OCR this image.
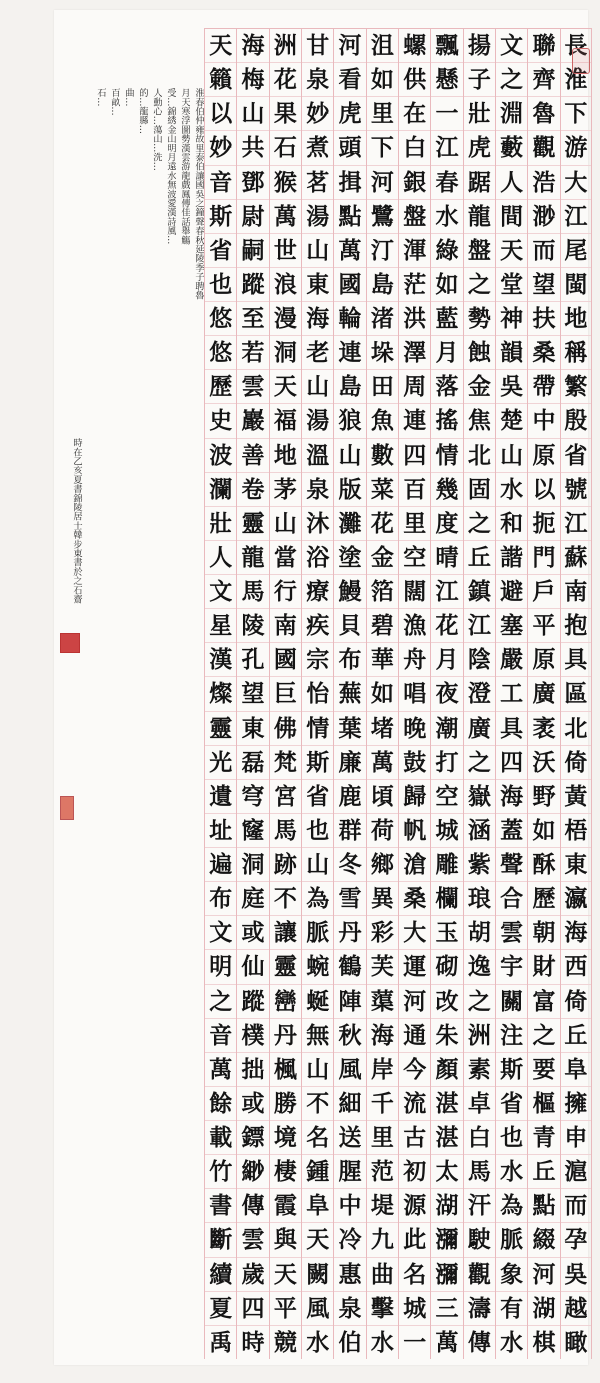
長
淮
下
游
大
江
尾
閩
地
稱
繁
殷
省
號
江
蘇
南
抱
具
區
北
倚
黃
梧
東
瀛
海
西
倚
丘
阜
擁
申
滬
而
孕
吳
越
瞰
聯
齊
魯
觀
浩
渺
而
望
扶
桑
帶
中
原
以
扼
門
戶
平
原
廣
袤
沃
野
如
酥
歷
朝
財
富
之
要
樞
青
丘
點
綴
河
湖
棋
文
之
淵
藪
人
間
天
堂
神
韻
吳
楚
山
水
和
諧
避
塞
嚴
工
具
四
海
蓋
聲
合
雲
宇
關
注
斯
省
也
水
為
脈
象
有
水
揚
子
壯
虎
踞
龍
盤
之
勢
蝕
金
焦
北
固
之
丘
鎮
江
陰
澄
廣
之
嶽
涵
紫
琅
胡
逸
之
洲
素
卓
白
馬
汗
駛
觀
濤
傳
飄
懸
一
江
春
水
綠
如
藍
月
落
搖
情
幾
度
晴
江
花
月
夜
潮
打
空
城
雕
欄
玉
砌
改
朱
顏
湛
湛
太
湖
瀰
瀰
三
萬
螺
供
在
白
銀
盤
渾
茫
洪
澤
周
連
四
百
里
空
闊
漁
舟
唱
晚
鼓
歸
帆
滄
桑
大
運
河
通
今
流
古
初
源
此
名
城
一
沮
如
里
下
河
鷺
汀
島
渚
垛
田
魚
數
菜
花
金
箔
碧
華
如
堵
萬
頃
荷
鄉
異
彩
芙
蕖
海
岸
千
里
范
堤
九
曲
擊
水
河
看
虎
頭
揖
點
萬
國
輪
連
島
狼
山
版
灘
塗
鰻
貝
布
蕪
葉
廉
鹿
群
冬
雪
丹
鶴
陣
秋
風
細
送
腥
中
冷
惠
泉
伯
甘
泉
妙
煮
茗
湯
山
東
海
老
山
湯
溫
泉
沐
浴
療
疾
宗
怡
情
斯
省
也
山
為
脈
蜿
蜒
無
山
不
名
鍾
阜
天
闕
風
水
洲
花
果
石
猴
萬
世
浪
漫
洞
天
福
地
茅
山
當
行
南
國
巨
佛
梵
宮
馬
跡
不
讓
靈
巒
丹
楓
勝
境
棲
霞
與
天
平
競
海
梅
山
共
鄧
尉
嗣
蹤
至
若
雲
巖
善
卷
靈
龍
馬
陵
孔
望
東
磊
穹
窿
洞
庭
或
仙
蹤
樸
拙
或
鏢
緲
傳
雲
歲
四
時
天
籟
以
妙
音
斯
省
也
悠
悠
歷
史
波
瀾
壯
人
文
星
漢
燦
靈
光
遺
址
遍
布
文
明
之
音
萬
餘
載
竹
書
斷
續
夏
禹
淮春伯仲雍故里泰伯讓國吳之鐘聲春秋延陵季子聘魯
月天寒浮圖勢漢雲游龍戲鳳傳佳話舉觴
受…錦綉金山明月遠水無波愛漢詩風…
人動心…蕩山…洗…
的…龍縣…
曲…
百畝…
石…
時在乙亥夏書錦陵居士韓步東書於之石齋
